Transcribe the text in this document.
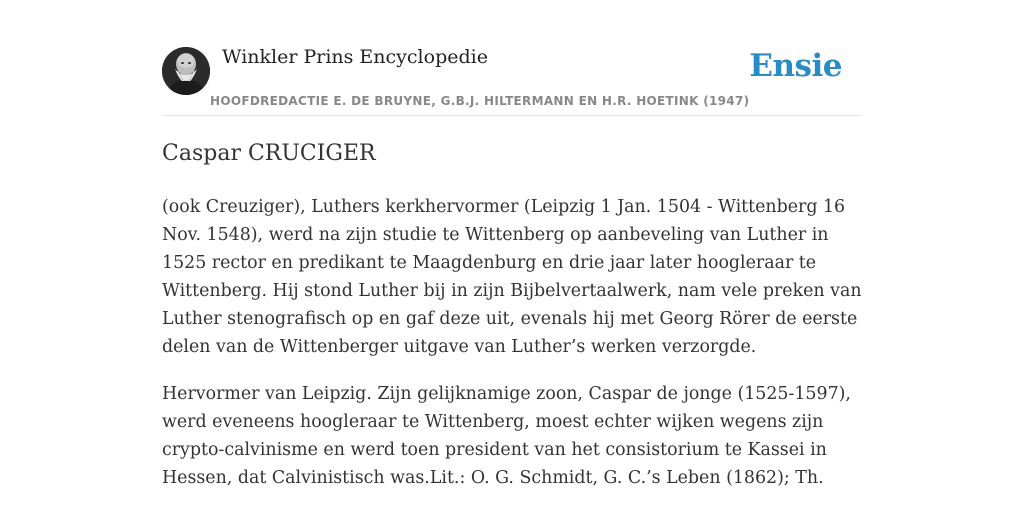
Winkler Prins Encyclopedie
HOOFDREDACTIE E. DE BRUYNE, G.B.J. HILTERMANN EN H.R. HOETINK (1947)
Ensie
Caspar CRUCIGER

(ook Creuziger), Luthers kerkhervormer (Leipzig 1 Jan. 1504 - Wittenberg 16 Nov. 1548), werd na zijn studie te Wittenberg op aanbeveling van Luther in 1525 rector en predikant te Maagdenburg en drie jaar later hoogleraar te Wittenberg. Hij stond Luther bij in zijn Bijbelvertaalwerk, nam vele preken van Luther stenografisch op en gaf deze uit, evenals hij met Georg Rörer de eerste delen van de Wittenberger uitgave van Luther’s werken verzorgde.

Hervormer van Leipzig. Zijn gelijknamige zoon, Caspar de jonge (1525-1597), werd eveneens hoogleraar te Wittenberg, moest echter wijken wegens zijn crypto-calvinisme en werd toen president van het consistorium te Kassei in Hessen, dat Calvinistisch was.Lit.: O. G. Schmidt, G. C.’s Leben (1862); Th.
